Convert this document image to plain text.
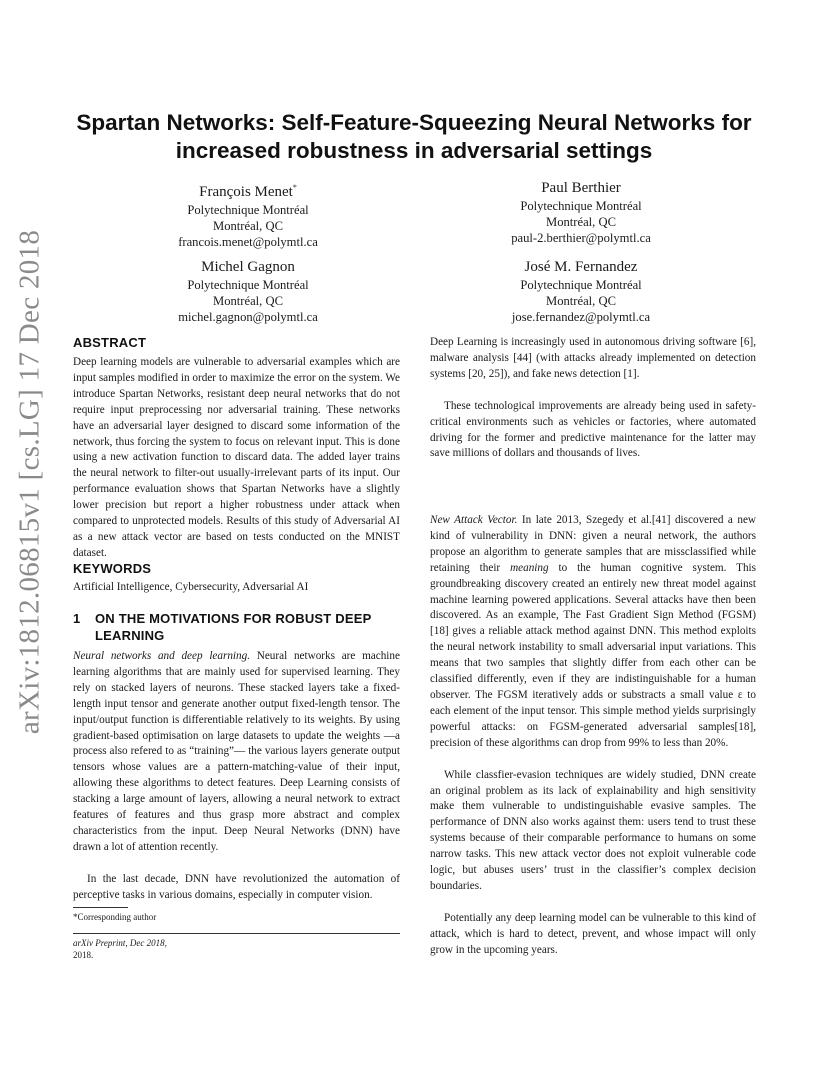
arXiv:1812.06815v1 [cs.LG] 17 Dec 2018
Spartan Networks: Self-Feature-Squeezing Neural Networks for
increased robustness in adversarial settings
François Menet*
Polytechnique Montréal
Montréal, QC
francois.menet@polymtl.ca
Paul Berthier
Polytechnique Montréal
Montréal, QC
paul-2.berthier@polymtl.ca
Michel Gagnon
Polytechnique Montréal
Montréal, QC
michel.gagnon@polymtl.ca
José M. Fernandez
Polytechnique Montréal
Montréal, QC
jose.fernandez@polymtl.ca
ABSTRACT

Deep learning models are vulnerable to adversarial examples which are input samples modified in order to maximize the error on the system. We introduce Spartan Networks, resistant deep neural networks that do not require input preprocessing nor adversarial training. These networks have an adversarial layer designed to discard some information of the network, thus forcing the system to focus on relevant input. This is done using a new activation function to discard data. The added layer trains the neural network to filter-out usually-irrelevant parts of its input. Our performance evaluation shows that Spartan Networks have a slightly lower precision but report a higher robustness under attack when compared to unprotected models. Results of this study of Adversarial AI as a new attack vector are based on tests conducted on the MNIST dataset.

KEYWORDS

Artificial Intelligence, Cybersecurity, Adversarial AI

1 ON THE MOTIVATIONS FOR ROBUST DEEP
LEARNING

Neural networks and deep learning. Neural networks are machine learning algorithms that are mainly used for supervised learning. They rely on stacked layers of neurons. These stacked layers take a fixed-length input tensor and generate another output fixed-length tensor. The input/output function is differentiable relatively to its weights. By using gradient-based optimisation on large datasets to update the weights —a process also refered to as “training”— the various layers generate output tensors whose values are a pattern-matching-value of their input, allowing these algorithms to detect features. Deep Learning consists of stacking a large amount of layers, allowing a neural network to extract features of features and thus grasp more abstract and complex characteristics from the input. Deep Neural Networks (DNN) have drawn a lot of attention recently.

In the last decade, DNN have revolutionized the automation of perceptive tasks in various domains, especially in computer vision.

*Corresponding author
arXiv Preprint, Dec 2018,
2018.

Deep Learning is increasingly used in autonomous driving software [6], malware analysis [44] (with attacks already implemented on detection systems [20, 25]), and fake news detection [1].

These technological improvements are already being used in safety-critical environments such as vehicles or factories, where automated driving for the former and predictive maintenance for the latter may save millions of dollars and thousands of lives.

New Attack Vector. In late 2013, Szegedy et al.[41] discovered a new kind of vulnerability in DNN: given a neural network, the authors propose an algorithm to generate samples that are missclassified while retaining their meaning to the human cognitive system. This groundbreaking discovery created an entirely new threat model against machine learning powered applications. Several attacks have then been discovered. As an example, The Fast Gradient Sign Method (FGSM) [18] gives a reliable attack method against DNN. This method exploits the neural network instability to small adversarial input variations. This means that two samples that slightly differ from each other can be classified differently, even if they are indistinguishable for a human observer. The FGSM iteratively adds or substracts a small value ε to each element of the input tensor. This simple method yields surprisingly powerful attacks: on FGSM-generated adversarial samples[18], precision of these algorithms can drop from 99% to less than 20%.

While classfier-evasion techniques are widely studied, DNN create an original problem as its lack of explainability and high sensitivity make them vulnerable to undistinguishable evasive samples. The performance of DNN also works against them: users tend to trust these systems because of their comparable performance to humans on some narrow tasks. This new attack vector does not exploit vulnerable code logic, but abuses users’ trust in the classifier’s complex decision boundaries.

Potentially any deep learning model can be vulnerable to this kind of attack, which is hard to detect, prevent, and whose impact will only grow in the upcoming years.
